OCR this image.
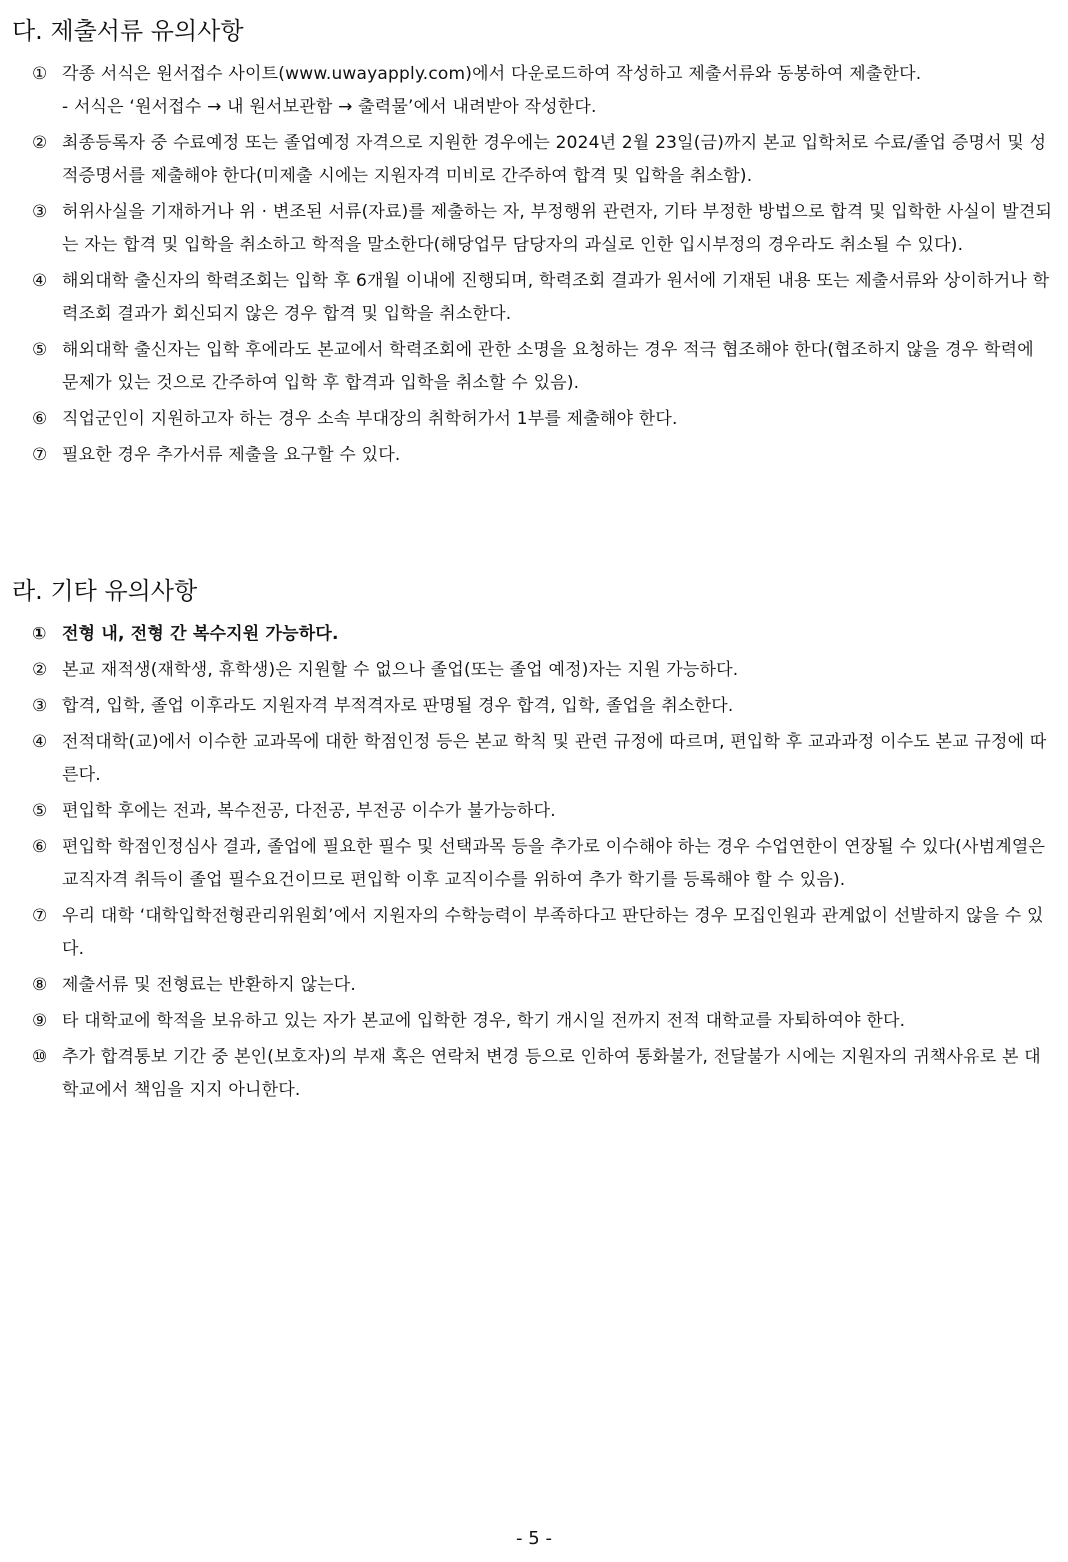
다. 제출서류 유의사항
① 각종 서식은 원서접수 사이트(www.uwayapply.com)에서 다운로드하여 작성하고 제출서류와 동봉하여 제출한다.
- 서식은 ‘원서접수 → 내 원서보관함 → 출력물’에서 내려받아 작성한다.
② 최종등록자 중 수료예정 또는 졸업예정 자격으로 지원한 경우에는 2024년 2월 23일(금)까지 본교 입학처로 수료/졸업 증명서 및 성적증명서를 제출해야 한다(미제출 시에는 지원자격 미비로 간주하여 합격 및 입학을 취소함).
③ 허위사실을 기재하거나 위 · 변조된 서류(자료)를 제출하는 자, 부정행위 관련자, 기타 부정한 방법으로 합격 및 입학한 사실이 발견되는 자는 합격 및 입학을 취소하고 학적을 말소한다(해당업무 담당자의 과실로 인한 입시부정의 경우라도 취소될 수 있다).
④ 해외대학 출신자의 학력조회는 입학 후 6개월 이내에 진행되며, 학력조회 결과가 원서에 기재된 내용 또는 제출서류와 상이하거나 학력조회 결과가 회신되지 않은 경우 합격 및 입학을 취소한다.
⑤ 해외대학 출신자는 입학 후에라도 본교에서 학력조회에 관한 소명을 요청하는 경우 적극 협조해야 한다(협조하지 않을 경우 학력에 문제가 있는 것으로 간주하여 입학 후 합격과 입학을 취소할 수 있음).
⑥ 직업군인이 지원하고자 하는 경우 소속 부대장의 취학허가서 1부를 제출해야 한다.
⑦ 필요한 경우 추가서류 제출을 요구할 수 있다.
라. 기타 유의사항
① 전형 내, 전형 간 복수지원 가능하다.
② 본교 재적생(재학생, 휴학생)은 지원할 수 없으나 졸업(또는 졸업 예정)자는 지원 가능하다.
③ 합격, 입학, 졸업 이후라도 지원자격 부적격자로 판명될 경우 합격, 입학, 졸업을 취소한다.
④ 전적대학(교)에서 이수한 교과목에 대한 학점인정 등은 본교 학칙 및 관련 규정에 따르며, 편입학 후 교과과정 이수도 본교 규정에 따른다.
⑤ 편입학 후에는 전과, 복수전공, 다전공, 부전공 이수가 불가능하다.
⑥ 편입학 학점인정심사 결과, 졸업에 필요한 필수 및 선택과목 등을 추가로 이수해야 하는 경우 수업연한이 연장될 수 있다(사범계열은 교직자격 취득이 졸업 필수요건이므로 편입학 이후 교직이수를 위하여 추가 학기를 등록해야 할 수 있음).
⑦ 우리 대학 ‘대학입학전형관리위원회’에서 지원자의 수학능력이 부족하다고 판단하는 경우 모집인원과 관계없이 선발하지 않을 수 있다.
⑧ 제출서류 및 전형료는 반환하지 않는다.
⑨ 타 대학교에 학적을 보유하고 있는 자가 본교에 입학한 경우, 학기 개시일 전까지 전적 대학교를 자퇴하여야 한다.
⑩ 추가 합격통보 기간 중 본인(보호자)의 부재 혹은 연락처 변경 등으로 인하여 통화불가, 전달불가 시에는 지원자의 귀책사유로 본 대학교에서 책임을 지지 아니한다.
- 5 -
